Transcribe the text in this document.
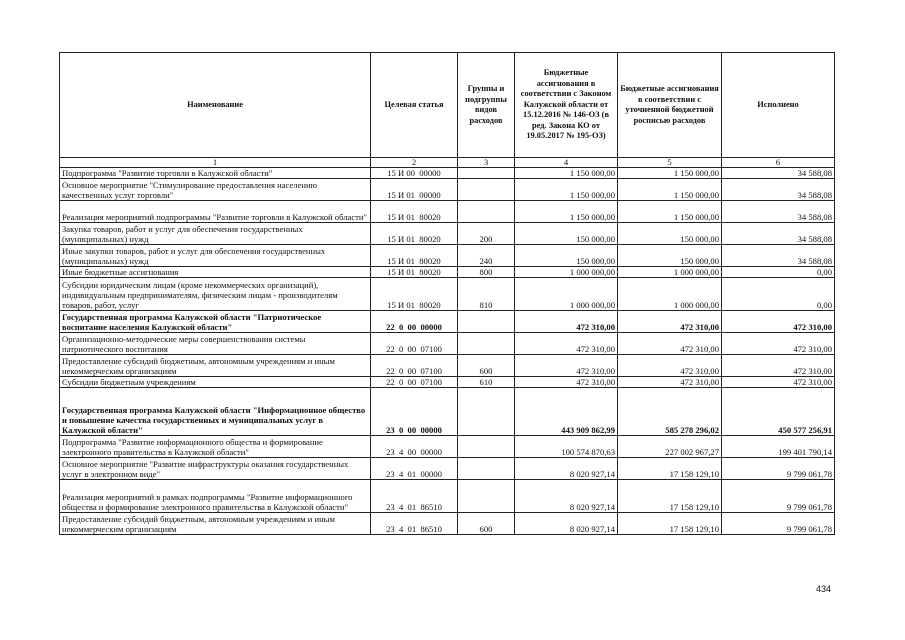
Наименование	Целевая статья	Группы и подгруппы видов расходов	Бюджетные ассигнования в соответствии с Законом Калужской области от 15.12.2016 № 146-ОЗ (в ред. Закона КО от 19.05.2017 № 195-ОЗ)	Бюджетные ассигнования в соответствии с уточненной бюджетной росписью расходов	Исполнено
1	2	3	4	5	6
Подпрограмма "Развитие торговли в Калужской области"	15 И 00  00000		1 150 000,00	1 150 000,00	34 588,08
Основное мероприятие "Стимулирование предоставления населению качественных услуг торговли"	15 И 01  00000		1 150 000,00	1 150 000,00	34 588,08
Реализация мероприятий подпрограммы "Развитие торговли в Калужской области"	15 И 01  80020		1 150 000,00	1 150 000,00	34 588,08
Закупка товаров, работ и услуг для обеспечения государственных (муниципальных) нужд	15 И 01  80020	200	150 000,00	150 000,00	34 588,08
Иные закупки товаров, работ и услуг для обеспечения государственных (муниципальных) нужд	15 И 01  80020	240	150 000,00	150 000,00	34 588,08
Иные бюджетные ассигнования	15 И 01  80020	800	1 000 000,00	1 000 000,00	0,00
Субсидии юридическим лицам (кроме некоммерческих организаций), индивидуальным предпринимателям, физическим лицам - производителям товаров, работ, услуг	15 И 01  80020	810	1 000 000,00	1 000 000,00	0,00
Государственная программа Калужской области "Патриотическое воспитание населения Калужской области"	22  0  00  00000		472 310,00	472 310,00	472 310,00
Организационно-методические меры совершенствования системы патриотического воспитания	22  0  00  07100		472 310,00	472 310,00	472 310,00
Предоставление субсидий бюджетным, автономным учреждениям и иным некоммерческим организациям	22  0  00  07100	600	472 310,00	472 310,00	472 310,00
Субсидии бюджетным учреждениям	22  0  00  07100	610	472 310,00	472 310,00	472 310,00
Государственная программа Калужской области "Информационное общество и повышение качества государственных и муниципальных услуг в Калужской области"	23  0  00  00000		443 909 862,99	585 278 296,02	450 577 256,91
Подпрограмма "Развитие информационного общества и формирование электронного правительства в Калужской области"	23  4  00  00000		100 574 870,63	227 002 967,27	199 401 790,14
Основное мероприятие "Развитие инфраструктуры оказания государственных услуг в электронном виде"	23  4  01  00000		8 020 927,14	17 158 129,10	9 799 061,78
Реализация мероприятий в рамках подпрограммы "Развитие информационного общества и формирование электронного правительства в Калужской области"	23  4  01  86510		8 020 927,14	17 158 129,10	9 799 061,78
Предоставление субсидий бюджетным, автономным учреждениям и иным некоммерческим организациям	23  4  01  86510	600	8 020 927,14	17 158 129,10	9 799 061,78
434
